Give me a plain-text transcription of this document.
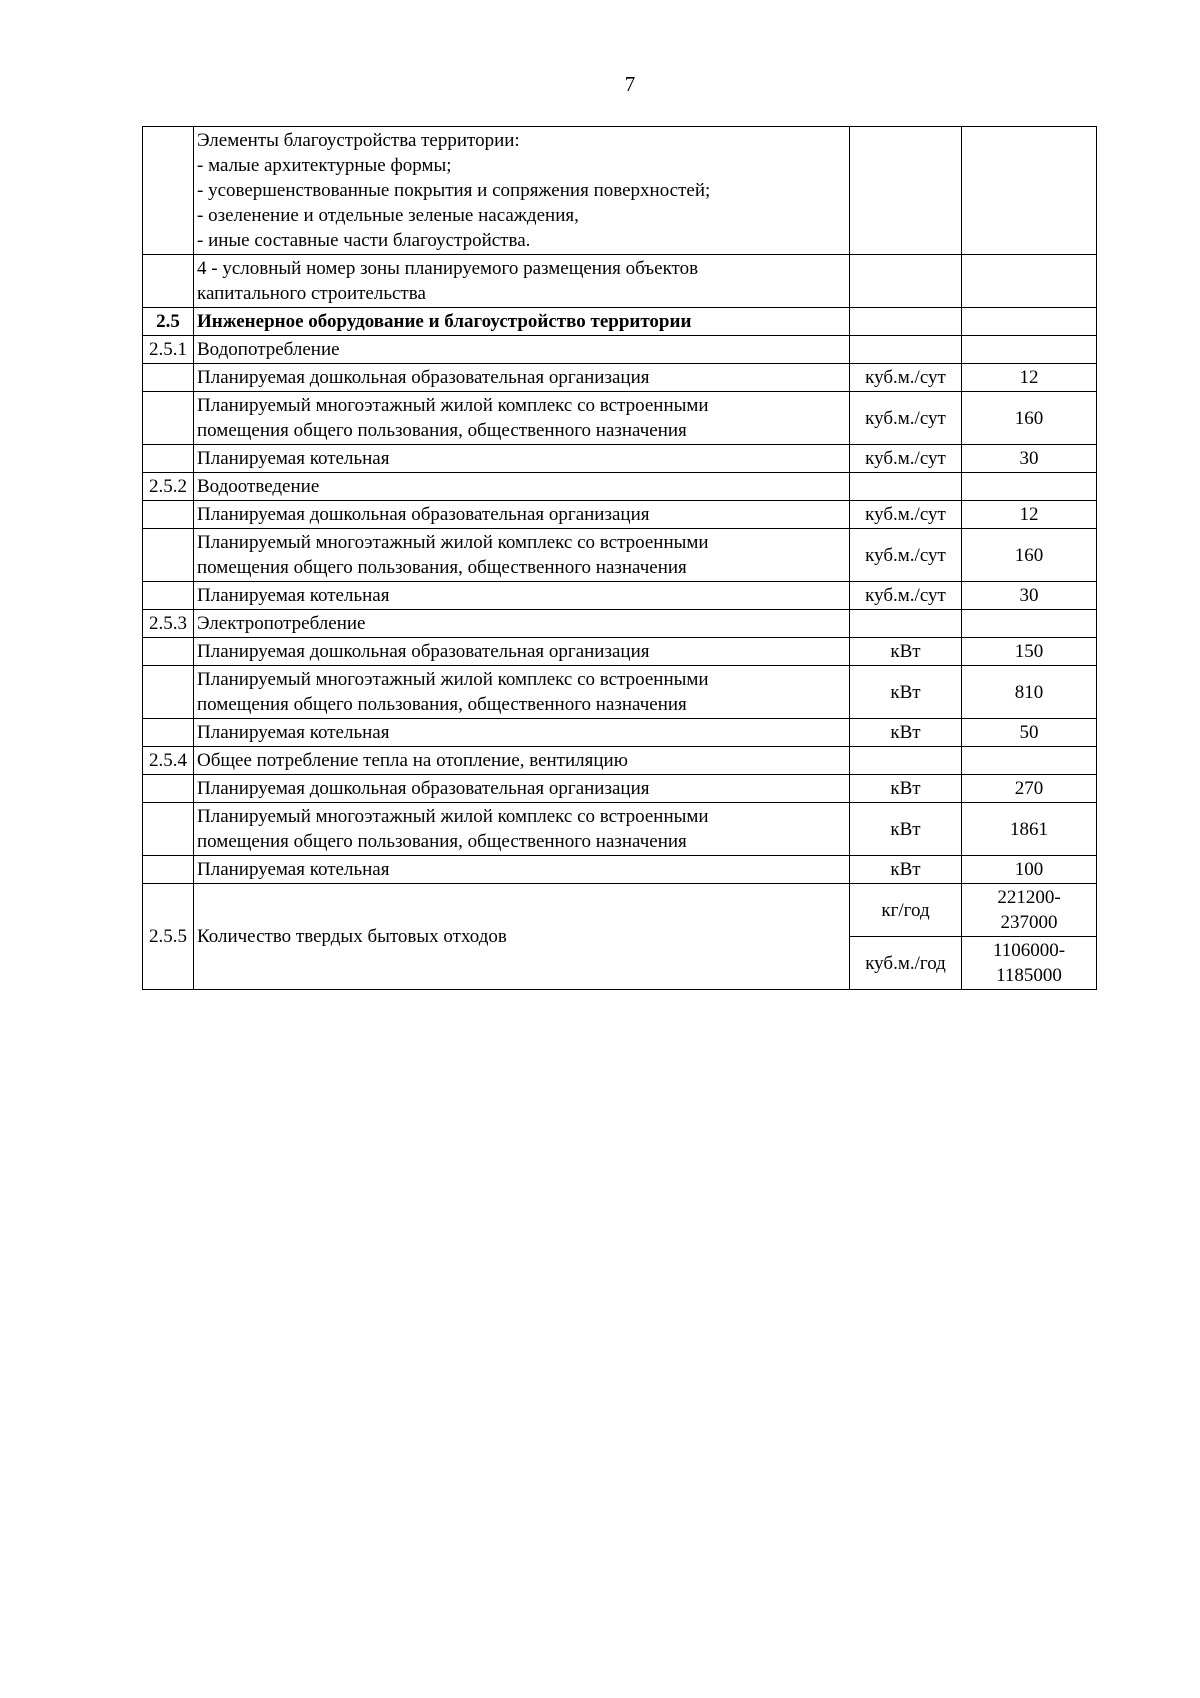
7

	Элементы благоустройства территории:
- малые архитектурные формы;
- усовершенствованные покрытия и сопряжения поверхностей;
- озеленение и отдельные зеленые насаждения,
- иные составные части благоустройства.		

	4 - условный номер зоны планируемого размещения объектов
капитального строительства		

2.5	Инженерное оборудование и благоустройство территории		
2.5.1	Водопотребление		

	Планируемая дошкольная образовательная организация	куб.м./сут	12

	Планируемый многоэтажный жилой комплекс со встроенными
помещения общего пользования, общественного назначения	куб.м./сут	160

	Планируемая котельная	куб.м./сут	30
2.5.2	Водоотведение		

	Планируемая дошкольная образовательная организация	куб.м./сут	12

	Планируемый многоэтажный жилой комплекс со встроенными
помещения общего пользования, общественного назначения	куб.м./сут	160

	Планируемая котельная	куб.м./сут	30
2.5.3	Электропотребление		

	Планируемая дошкольная образовательная организация	кВт	150

	Планируемый многоэтажный жилой комплекс со встроенными
помещения общего пользования, общественного назначения	кВт	810

	Планируемая котельная	кВт	50
2.5.4	Общее потребление тепла на отопление, вентиляцию		

	Планируемая дошкольная образовательная организация	кВт	270

	Планируемый многоэтажный жилой комплекс со встроенными
помещения общего пользования, общественного назначения	кВт	1861

	Планируемая котельная	кВт	100
2.5.5	Количество твердых бытовых отходов	кг/год	221200-
237000

		куб.м./год	1106000-
1185000
